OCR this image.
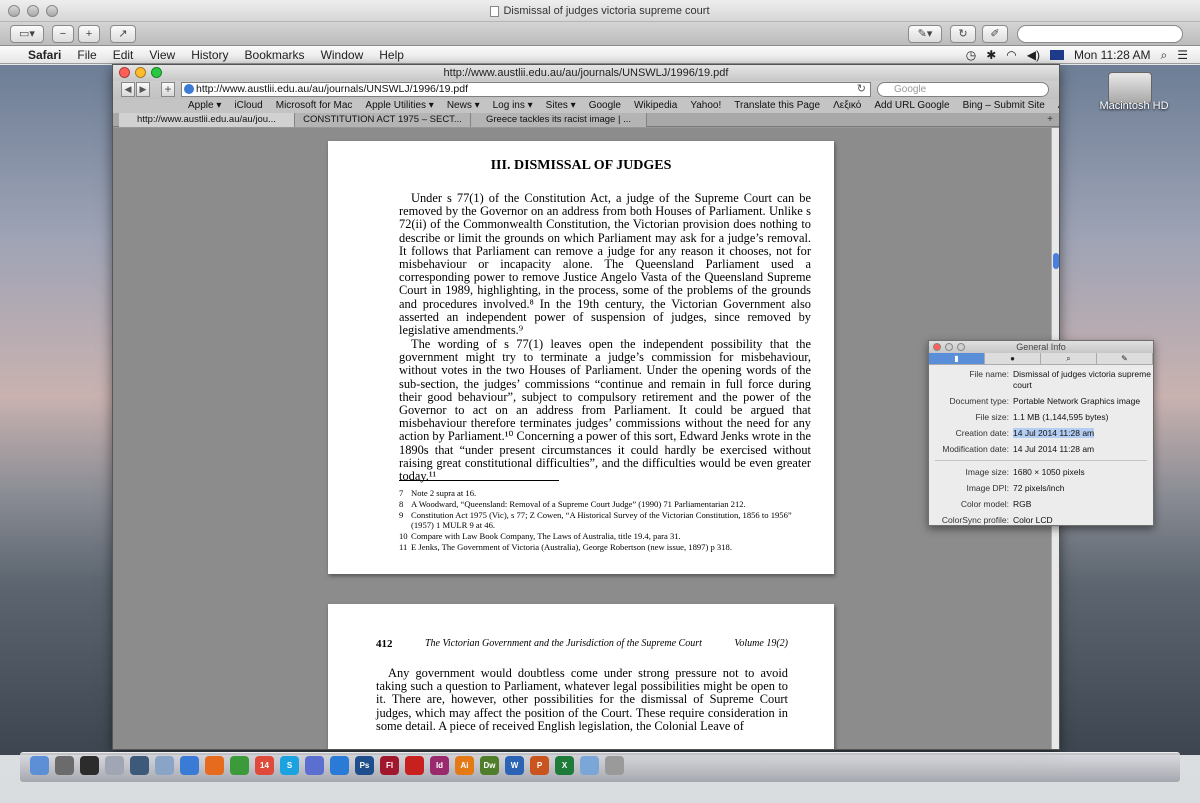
Dismissal of judges victoria supreme court
▭▾	−	+	↗	✎▾	↻	✐
Safari File Edit View History Bookmarks Window Help	◷ ✱ ◠ ◀)	Mon 11:28 AM ⌕ ☰
Macintosh HD
http://www.austlii.edu.au/au/journals/UNSWLJ/1996/19.pdf
◀ ▶ +	http://www.austlii.edu.au/au/journals/UNSWLJ/1996/19.pdf	↻	Google
Apple ▾ iCloud Microsoft for Mac Apple Utilities ▾ News ▾ Log ins ▾ Sites ▾ Google Wikipedia Yahoo! Translate this Page Λεξικό Add URL Google Bing – Submit Site
http://www.austlii.edu.au/au/jou...	CONSTITUTION ACT 1975 – SECT...	Greece tackles its racist image | ...	+
III. DISMISSAL OF JUDGES
Under s 77(1) of the Constitution Act, a judge of the Supreme Court can be removed by the Governor on an address from both Houses of Parliament. Unlike s 72(ii) of the Commonwealth Constitution, the Victorian provision does nothing to describe or limit the grounds on which Parliament may ask for a judge’s removal. It follows that Parliament can remove a judge for any reason it chooses, not for misbehaviour or incapacity alone. The Queensland Parliament used a corresponding power to remove Justice Angelo Vasta of the Queensland Supreme Court in 1989, highlighting, in the process, some of the problems of the grounds and procedures involved.⁸ In the 19th century, the Victorian Government also asserted an independent power of suspension of judges, since removed by legislative amendments.⁹
The wording of s 77(1) leaves open the independent possibility that the government might try to terminate a judge’s commission for misbehaviour, without votes in the two Houses of Parliament. Under the opening words of the sub-section, the judges’ commissions “continue and remain in full force during their good behaviour”, subject to compulsory retirement and the power of the Governor to act on an address from Parliament. It could be argued that misbehaviour therefore terminates judges’ commissions without the need for any action by Parliament.¹⁰ Concerning a power of this sort, Edward Jenks wrote in the 1890s that “under present circumstances it could hardly be exercised without raising great constitutional difficulties”, and the difficulties would be even greater today.¹¹
7 Note 2 supra at 16.
8 A Woodward, “Queensland: Removal of a Supreme Court Judge” (1990) 71 Parliamentarian 212.
9 Constitution Act 1975 (Vic), s 77; Z Cowen, “A Historical Survey of the Victorian Constitution, 1856 to 1956” (1957) 1 MULR 9 at 46.
10 Compare with Law Book Company, The Laws of Australia, title 19.4, para 31.
11 E Jenks, The Government of Victoria (Australia), George Robertson (new issue, 1897) p 318.
412	The Victorian Government and the Jurisdiction of the Supreme Court	Volume 19(2)
Any government would doubtless come under strong pressure not to avoid taking such a question to Parliament, whatever legal possibilities might be open to it. There are, however, other possibilities for the dismissal of Supreme Court judges, which may affect the position of the Court. These require consideration in some detail. A piece of received English legislation, the Colonial Leave of
General Info
▮	●	⌕	✎
File name: Dismissal of judges victoria supreme court
Document type: Portable Network Graphics image
File size: 1.1 MB (1,144,595 bytes)
Creation date: 14 Jul 2014 11:28 am
Modification date: 14 Jul 2014 11:28 am
Image size: 1680 × 1050 pixels
Image DPI: 72 pixels/inch
Color model: RGB
ColorSync profile: Color LCD
14	S	Ps	Fl	Id	Ai	Dw	W	P	X
